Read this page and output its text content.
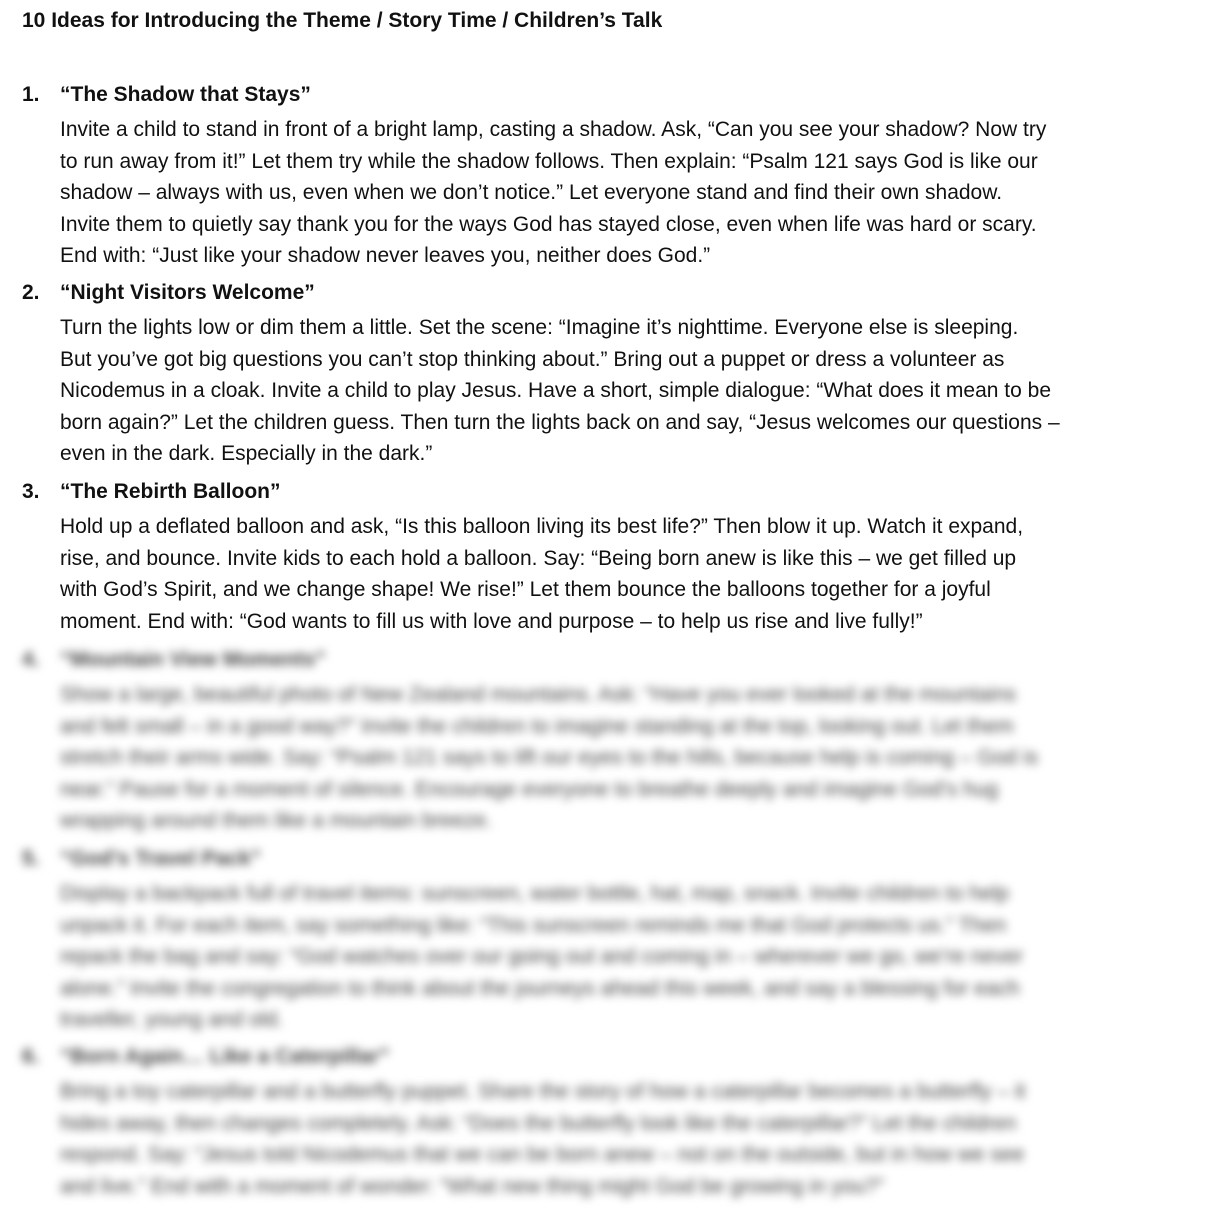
10 Ideas for Introducing the Theme / Story Time / Children’s Talk
1. “The Shadow that Stays”
Invite a child to stand in front of a bright lamp, casting a shadow. Ask, “Can you see your shadow? Now try
to run away from it!” Let them try while the shadow follows. Then explain: “Psalm 121 says God is like our
shadow – always with us, even when we don’t notice.” Let everyone stand and find their own shadow.
Invite them to quietly say thank you for the ways God has stayed close, even when life was hard or scary.
End with: “Just like your shadow never leaves you, neither does God.”
2. “Night Visitors Welcome”
Turn the lights low or dim them a little. Set the scene: “Imagine it’s nighttime. Everyone else is sleeping.
But you’ve got big questions you can’t stop thinking about.” Bring out a puppet or dress a volunteer as
Nicodemus in a cloak. Invite a child to play Jesus. Have a short, simple dialogue: “What does it mean to be
born again?” Let the children guess. Then turn the lights back on and say, “Jesus welcomes our questions –
even in the dark. Especially in the dark.”
3. “The Rebirth Balloon”
Hold up a deflated balloon and ask, “Is this balloon living its best life?” Then blow it up. Watch it expand,
rise, and bounce. Invite kids to each hold a balloon. Say: “Being born anew is like this – we get filled up
with God’s Spirit, and we change shape! We rise!” Let them bounce the balloons together for a joyful
moment. End with: “God wants to fill us with love and purpose – to help us rise and live fully!”
4. “Mountain View Moments”
Show a large, beautiful photo of New Zealand mountains. Ask: “Have you ever looked at the mountains
and felt small – in a good way?” Invite the children to imagine standing at the top, looking out. Let them
stretch their arms wide. Say: “Psalm 121 says to lift our eyes to the hills, because help is coming – God is
near.” Pause for a moment of silence. Encourage everyone to breathe deeply and imagine God’s hug
wrapping around them like a mountain breeze.
5. “God’s Travel Pack”
Display a backpack full of travel items: sunscreen, water bottle, hat, map, snack. Invite children to help
unpack it. For each item, say something like: “This sunscreen reminds me that God protects us.” Then
repack the bag and say: “God watches over our going out and coming in – wherever we go, we’re never
alone.” Invite the congregation to think about the journeys ahead this week, and say a blessing for each
traveller, young and old.
6. “Born Again… Like a Caterpillar”
Bring a toy caterpillar and a butterfly puppet. Share the story of how a caterpillar becomes a butterfly – it
hides away, then changes completely. Ask: “Does the butterfly look like the caterpillar?” Let the children
respond. Say: “Jesus told Nicodemus that we can be born anew – not on the outside, but in how we see
and live.” End with a moment of wonder: “What new thing might God be growing in you?”
